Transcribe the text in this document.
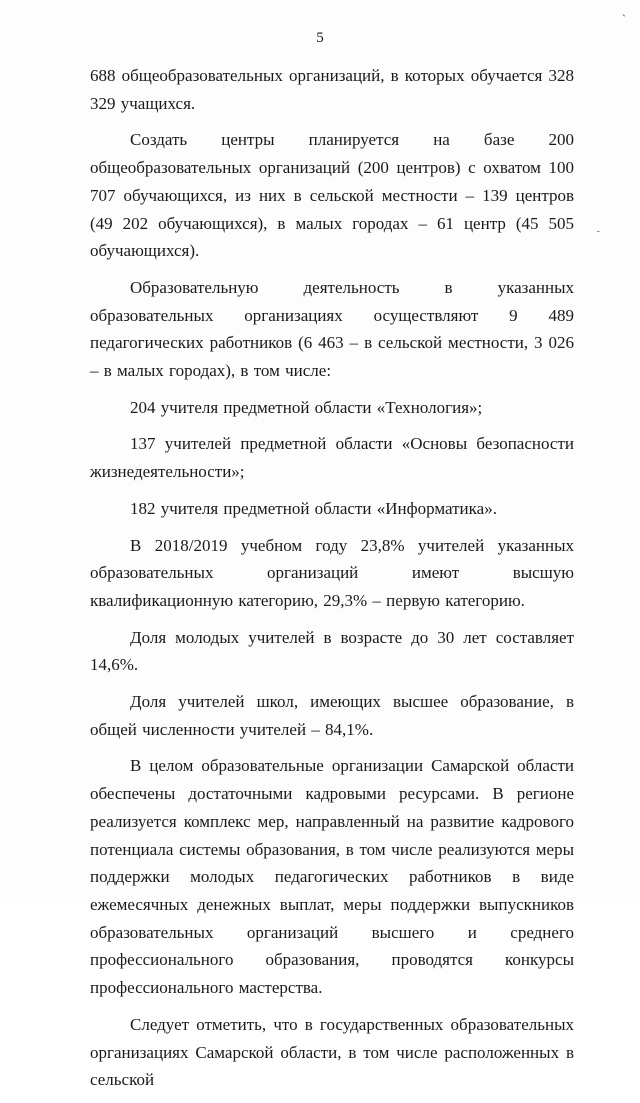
`
-
5

688 общеобразовательных организаций, в которых обучается 328 329 учащихся.

Создать центры планируется на базе 200 общеобразовательных организаций (200 центров) с охватом 100 707 обучающихся, из них в сельской местности – 139 центров (49 202 обучающихся), в малых городах – 61 центр (45 505 обучающихся).

Образовательную деятельность в указанных образовательных организациях осуществляют 9 489 педагогических работников (6 463 – в сельской местности, 3 026 – в малых городах), в том числе:

204 учителя предметной области «Технология»;

137 учителей предметной области «Основы безопасности жизнедеятельности»;

182 учителя предметной области «Информатика».

В 2018/2019 учебном году 23,8% учителей указанных образовательных организаций имеют высшую квалификационную категорию, 29,3% – первую категорию.

Доля молодых учителей в возрасте до 30 лет составляет 14,6%.

Доля учителей школ, имеющих высшее образование, в общей численности учителей – 84,1%.

В целом образовательные организации Самарской области обеспечены достаточными кадровыми ресурсами. В регионе реализуется комплекс мер, направленный на развитие кадрового потенциала системы образования, в том числе реализуются меры поддержки молодых педагогических работников в виде ежемесячных денежных выплат, меры поддержки выпускников образовательных организаций высшего и среднего профессионального образования, проводятся конкурсы профессионального мастерства.

Следует отметить, что в государственных образовательных организациях Самарской области, в том числе расположенных в сельской
